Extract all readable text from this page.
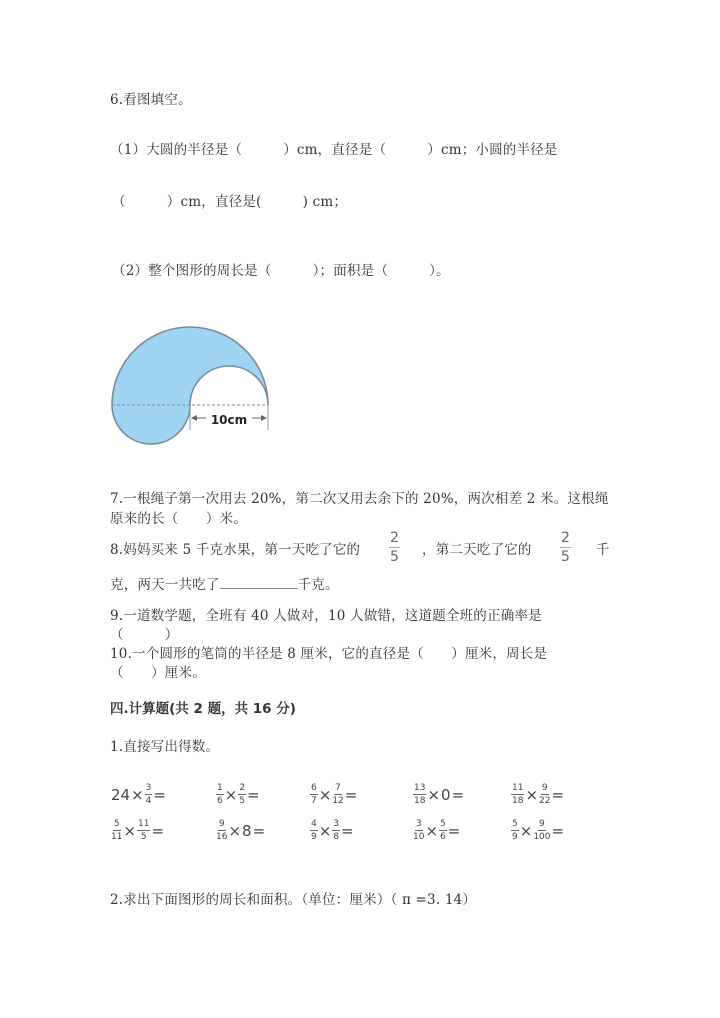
6.看图填空。
（1）大圆的半径是（　　　）cm，直径是（　　　）cm；小圆的半径是
（　　　）cm，直径是(　　　) cm；
（2）整个图形的周长是（　　　）；面积是（　　　）。
10cm
7.一根绳子第一次用去 20%，第二次又用去余下的 20%，两次相差 2 米。这根绳
原来的长（　　）米。
8.妈妈买来 5 千克水果，第一天吃了它的 $\frac{2}{5}$ ，第二天吃了它的 $\frac{2}{5}$ 千
克，两天一共吃了	千克。
9.一道数学题，全班有 40 人做对，10 人做错，这道题全班的正确率是
（　　　）
10.一个圆形的笔筒的半径是 8 厘米，它的直径是（　　）厘米，周长是
（　　）厘米。
四.计算题(共 2 题，共 16 分)
1.直接写出得数。
$24 \times \frac{3}{4}$ =	$\frac{1}{6} \times \frac{2}{5}$ =	$\frac{6}{7} \times \frac{7}{12}$ =	$\frac{13}{18} \times 0$ =	$\frac{11}{18} \times \frac{9}{22}$ =
$\frac{5}{11} \times \frac{11}{5}$ =	$\frac{9}{16} \times 8$ =	$\frac{4}{9} \times \frac{3}{8}$ =	$\frac{3}{10} \times \frac{5}{6}$ =	$\frac{5}{9} \times \frac{9}{100}$ =
2.求出下面图形的周长和面积。（单位：厘米）（ π =3. 14）
